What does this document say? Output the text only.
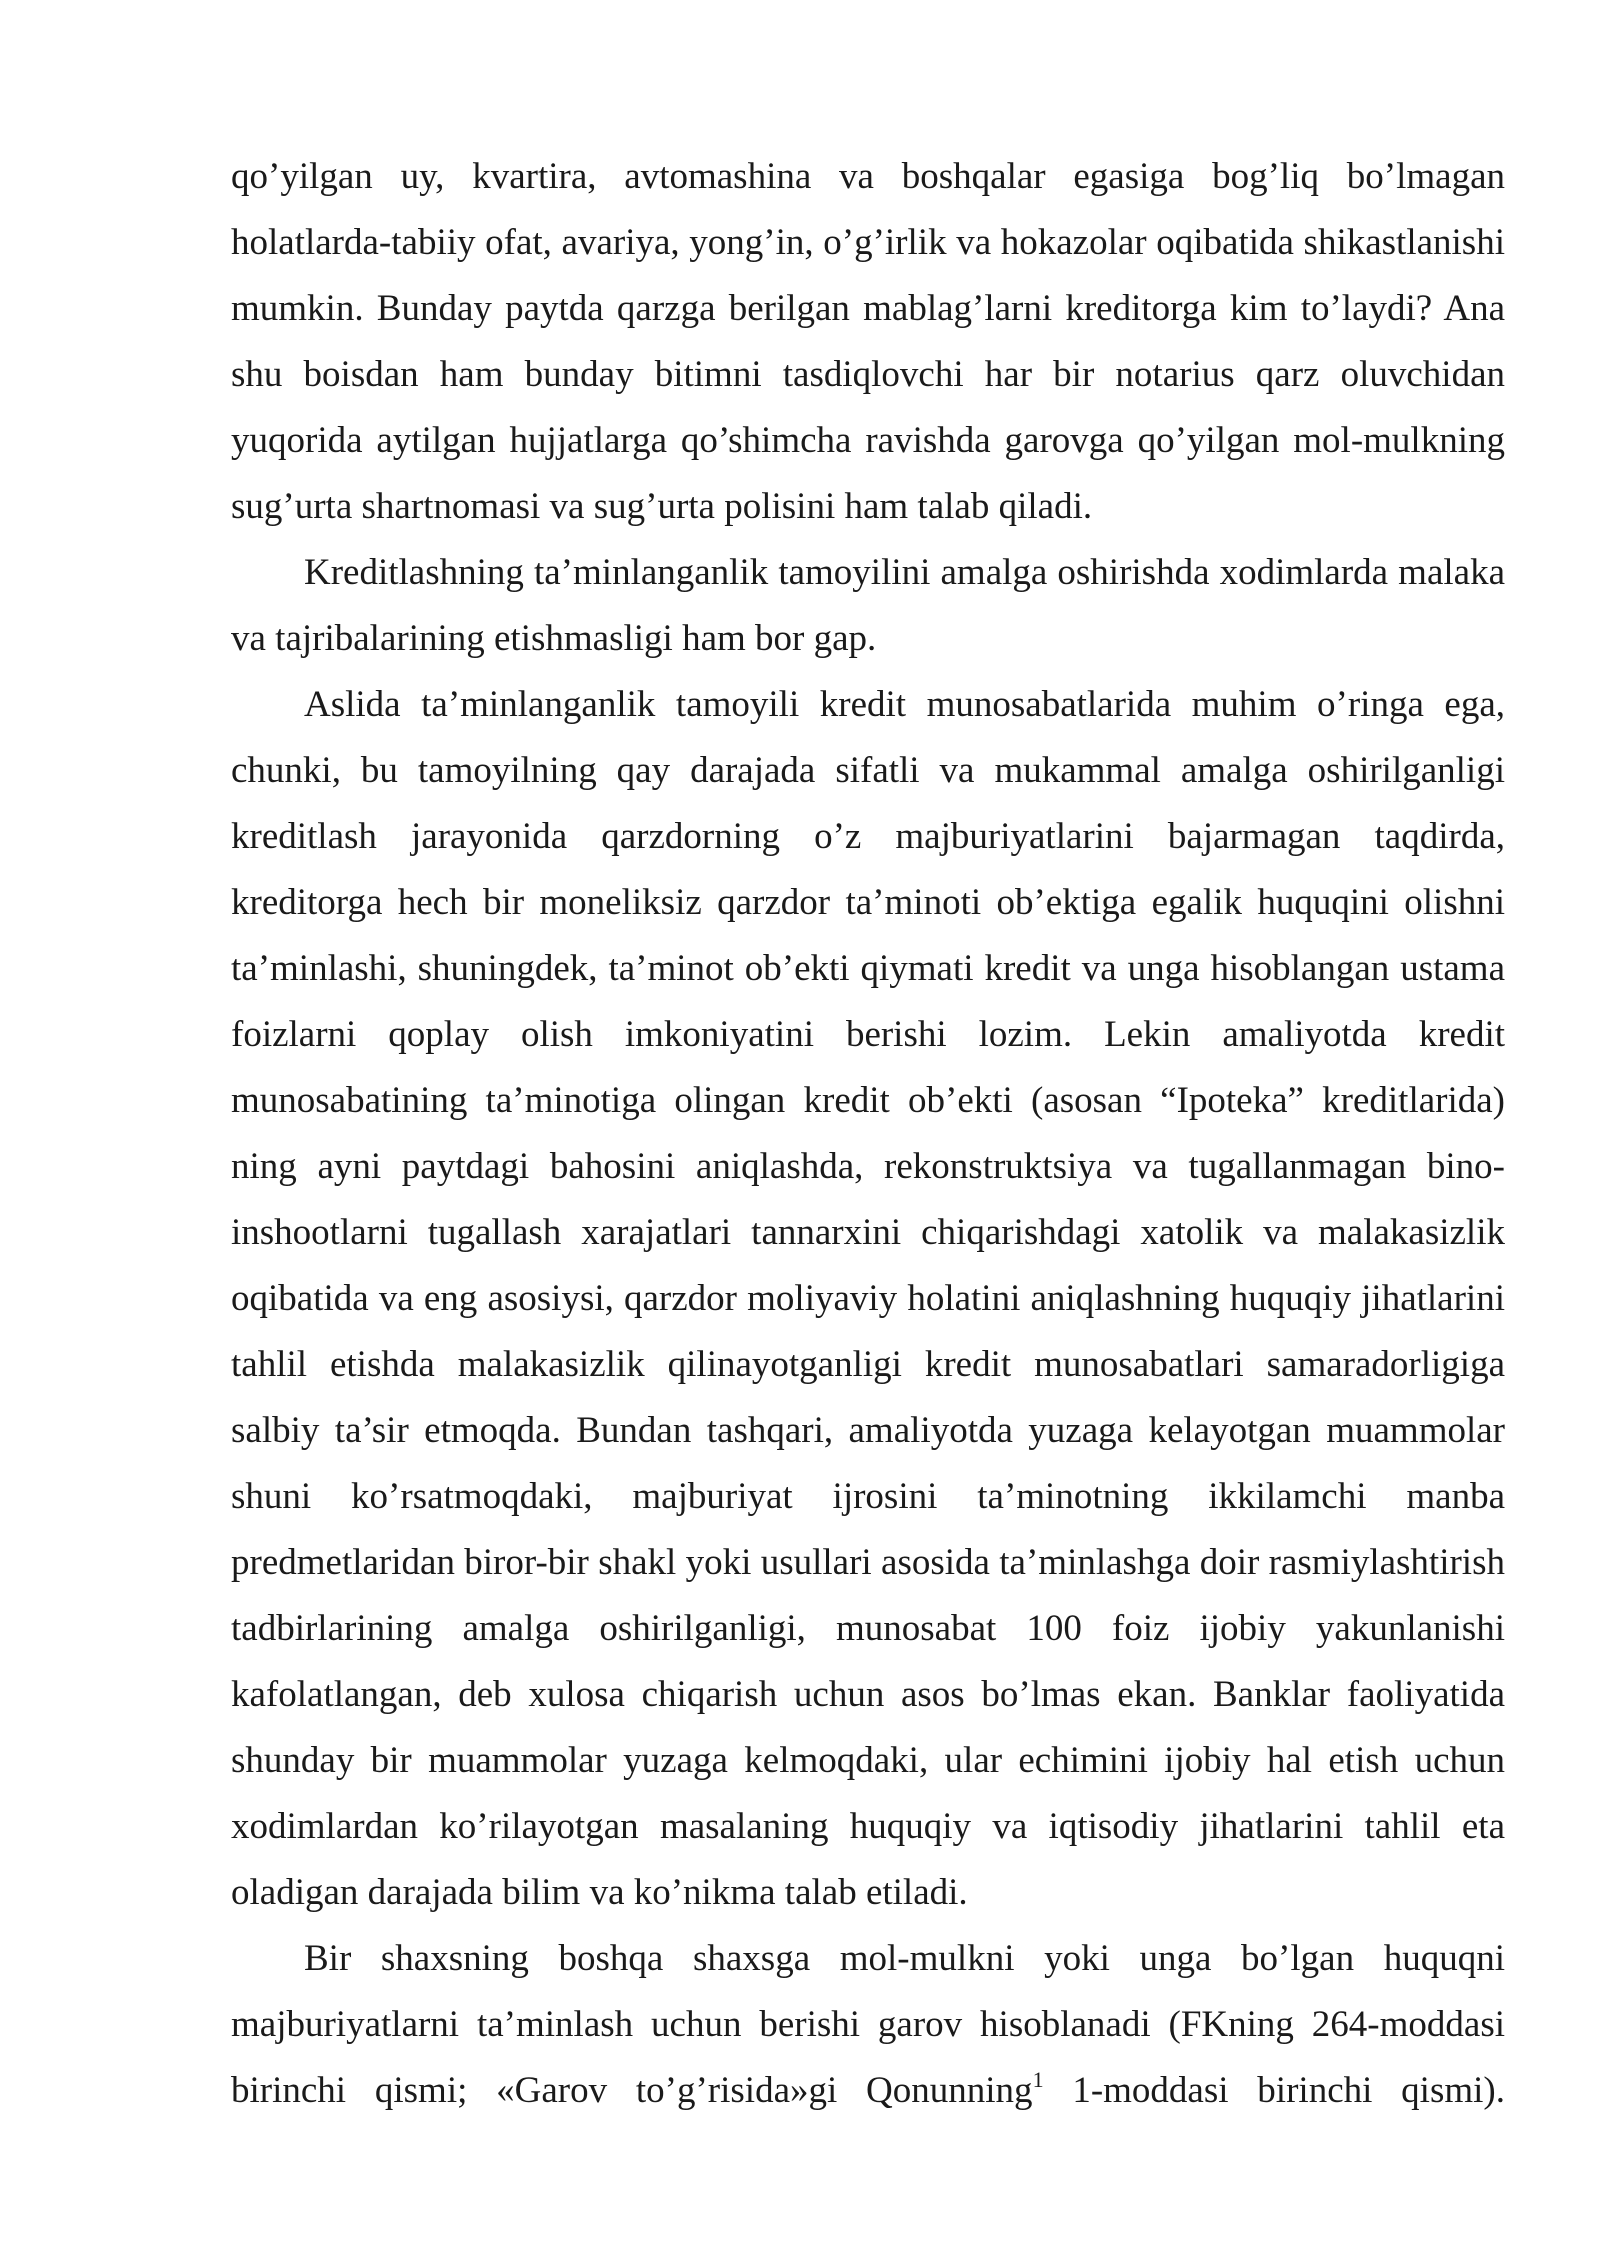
qo’yilgan uy, kvartira, avtomashina va boshqalar egasiga bog’liq bo’lmagan holatlarda-tabiiy ofat, avariya, yong’in, o’g’irlik va hokazolar oqibatida shikastlanishi mumkin. Bunday paytda qarzga berilgan mablag’larni kreditorga kim to’laydi? Ana shu boisdan ham bunday bitimni tasdiqlovchi har bir notarius qarz oluvchidan yuqorida aytilgan hujjatlarga qo’shimcha ravishda garovga qo’yilgan mol-mulkning sug’urta shartnomasi va sug’urta polisini ham talab qiladi.

Kreditlashning ta’minlanganlik tamoyilini amalga oshirishda xodimlarda malaka va tajribalarining etishmasligi ham bor gap.

Aslida ta’minlanganlik tamoyili kredit munosabatlarida muhim o’ringa ega, chunki, bu tamoyilning qay darajada sifatli va mukammal amalga oshirilganligi kreditlash jarayonida qarzdorning o’z majburiyatlarini bajarmagan taqdirda, kreditorga hech bir moneliksiz qarzdor ta’minoti ob’ektiga egalik huquqini olishni ta’minlashi, shuningdek, ta’minot ob’ekti qiymati kredit va unga hisoblangan ustama foizlarni qoplay olish imkoniyatini berishi lozim. Lekin amaliyotda kredit munosabatining ta’minotiga olingan kredit ob’ekti (asosan “Ipoteka” kreditlarida) ning ayni paytdagi bahosini aniqlashda, rekonstruktsiya va tugallanmagan bino-inshootlarni tugallash xarajatlari tannarxini chiqarishdagi xatolik va malakasizlik oqibatida va eng asosiysi, qarzdor moliyaviy holatini aniqlashning huquqiy jihatlarini tahlil etishda malakasizlik qilinayotganligi kredit munosabatlari samaradorligiga salbiy ta’sir etmoqda. Bundan tashqari, amaliyotda yuzaga kelayotgan muammolar shuni ko’rsatmoqdaki, majburiyat ijrosini ta’minotning ikkilamchi manba predmetlaridan biror-bir shakl yoki usullari asosida ta’minlashga doir rasmiylashtirish tadbirlarining amalga oshirilganligi, munosabat 100 foiz ijobiy yakunlanishi kafolatlangan, deb xulosa chiqarish uchun asos bo’lmas ekan. Banklar faoliyatida shunday bir muammolar yuzaga kelmoqdaki, ular echimini ijobiy hal etish uchun xodimlardan ko’rilayotgan masalaning huquqiy va iqtisodiy jihatlarini tahlil eta oladigan darajada bilim va ko’nikma talab etiladi.

Bir shaxsning boshqa shaxsga mol-mulkni yoki unga bo’lgan huquqni majburiyatlarni ta’minlash uchun berishi garov hisoblanadi (FKning 264-moddasi birinchi qismi; «Garov to’g’risida»gi Qonunning$^1$ 1-moddasi birinchi qismi).
